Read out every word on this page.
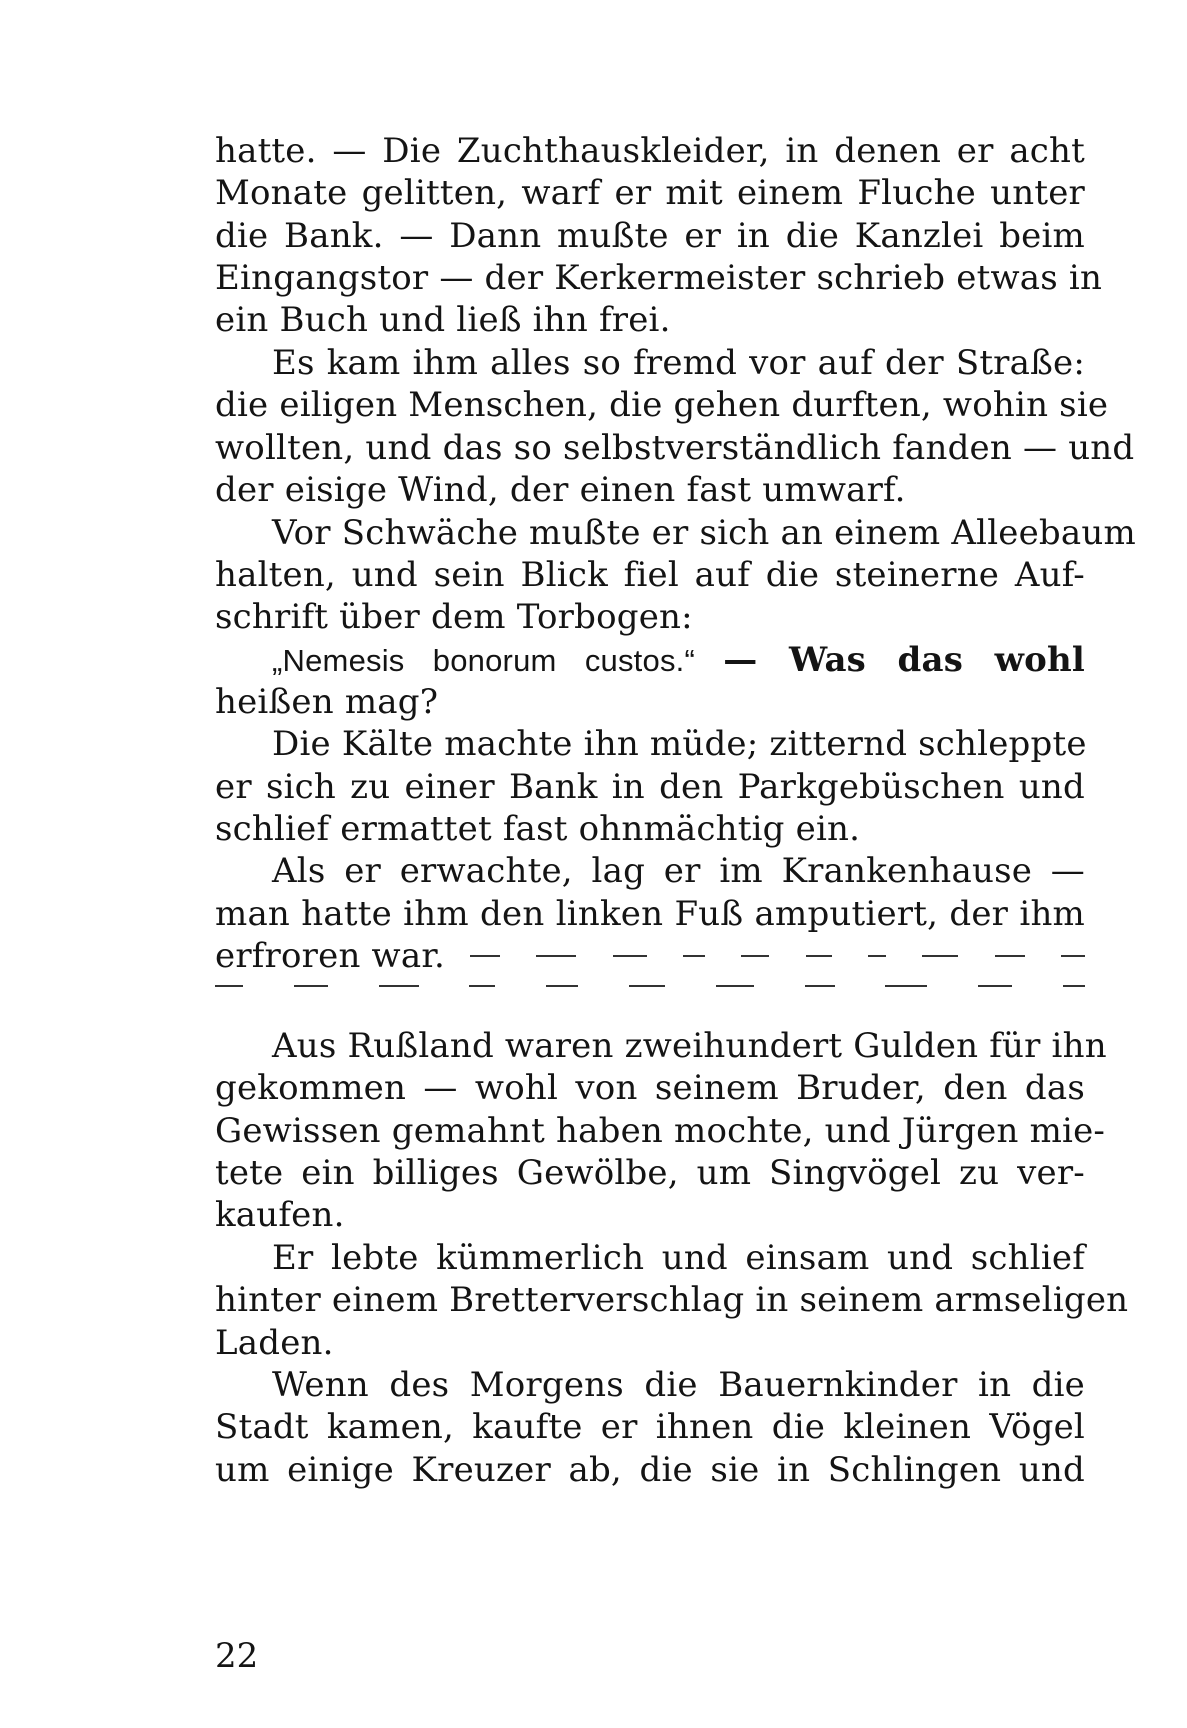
hatte. — Die Zuchthauskleider, in denen er acht
Monate gelitten, warf er mit einem Fluche unter
die Bank. — Dann mußte er in die Kanzlei beim
Eingangstor — der Kerkermeister schrieb etwas in
ein Buch und ließ ihn frei.
Es kam ihm alles so fremd vor auf der Straße:
die eiligen Menschen, die gehen durften, wohin sie
wollten, und das so selbstverständlich fanden — und
der eisige Wind, der einen fast umwarf.
Vor Schwäche mußte er sich an einem Alleebaum
halten, und sein Blick fiel auf die steinerne Auf-
schrift über dem Torbogen:
„Nemesis bonorum custos.“ — Was das wohl
heißen mag?
Die Kälte machte ihn müde; zitternd schleppte
er sich zu einer Bank in den Parkgebüschen und
schlief ermattet fast ohnmächtig ein.
Als er erwachte, lag er im Krankenhause —
man hatte ihm den linken Fuß amputiert, der ihm
erfroren war.
Aus Rußland waren zweihundert Gulden für ihn
gekommen — wohl von seinem Bruder, den das
Gewissen gemahnt haben mochte, und Jürgen mie-
tete ein billiges Gewölbe, um Singvögel zu ver-
kaufen.
Er lebte kümmerlich und einsam und schlief
hinter einem Bretterverschlag in seinem armseligen
Laden.
Wenn des Morgens die Bauernkinder in die
Stadt kamen, kaufte er ihnen die kleinen Vögel
um einige Kreuzer ab, die sie in Schlingen und
22
